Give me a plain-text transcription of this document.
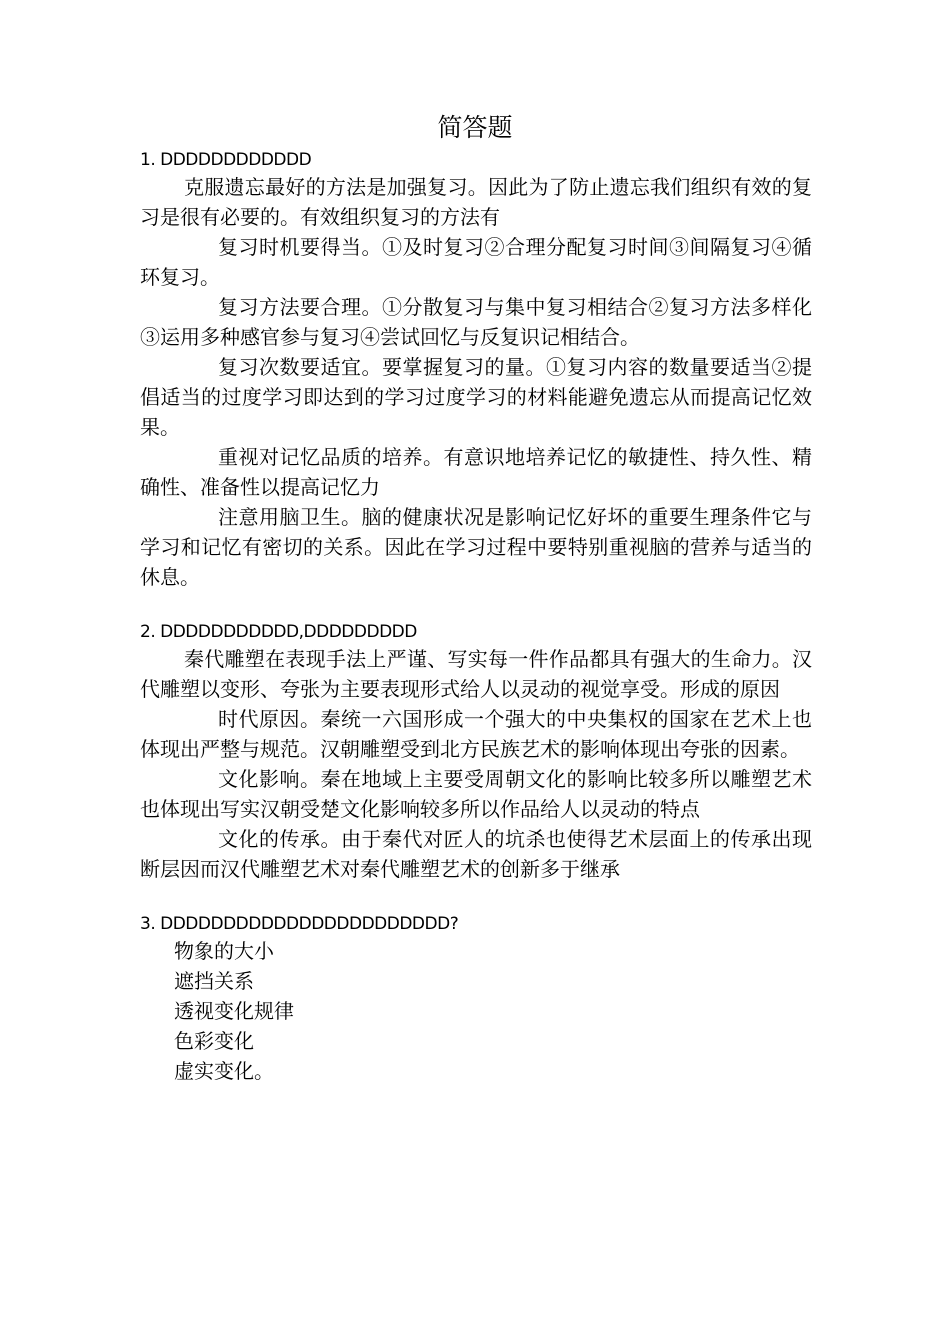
简答题

1. DDDDDDDDDDDD

克服遗忘最好的方法是加强复习。因此为了防止遗忘我们组织有效的复习是很有必要的。有效组织复习的方法有

复习时机要得当。①及时复习②合理分配复习时间③间隔复习④循环复习。

复习方法要合理。①分散复习与集中复习相结合②复习方法多样化③运用多种感官参与复习④尝试回忆与反复识记相结合。

复习次数要适宜。要掌握复习的量。①复习内容的数量要适当②提倡适当的过度学习即达到的学习过度学习的材料能避免遗忘从而提高记忆效果。

重视对记忆品质的培养。有意识地培养记忆的敏捷性、持久性、精确性、准备性以提高记忆力

注意用脑卫生。脑的健康状况是影响记忆好坏的重要生理条件它与学习和记忆有密切的关系。因此在学习过程中要特别重视脑的营养与适当的休息。

2. DDDDDDDDDDD,DDDDDDDDD

秦代雕塑在表现手法上严谨、写实每一件作品都具有强大的生命力。汉代雕塑以变形、夸张为主要表现形式给人以灵动的视觉享受。形成的原因

时代原因。秦统一六国形成一个强大的中央集权的国家在艺术上也体现出严整与规范。汉朝雕塑受到北方民族艺术的影响体现出夸张的因素。

文化影响。秦在地域上主要受周朝文化的影响比较多所以雕塑艺术也体现出写实汉朝受楚文化影响较多所以作品给人以灵动的特点

文化的传承。由于秦代对匠人的坑杀也使得艺术层面上的传承出现断层因而汉代雕塑艺术对秦代雕塑艺术的创新多于继承

3. DDDDDDDDDDDDDDDDDDDDDDD?

物象的大小

遮挡关系

透视变化规律

色彩变化

虚实变化。
